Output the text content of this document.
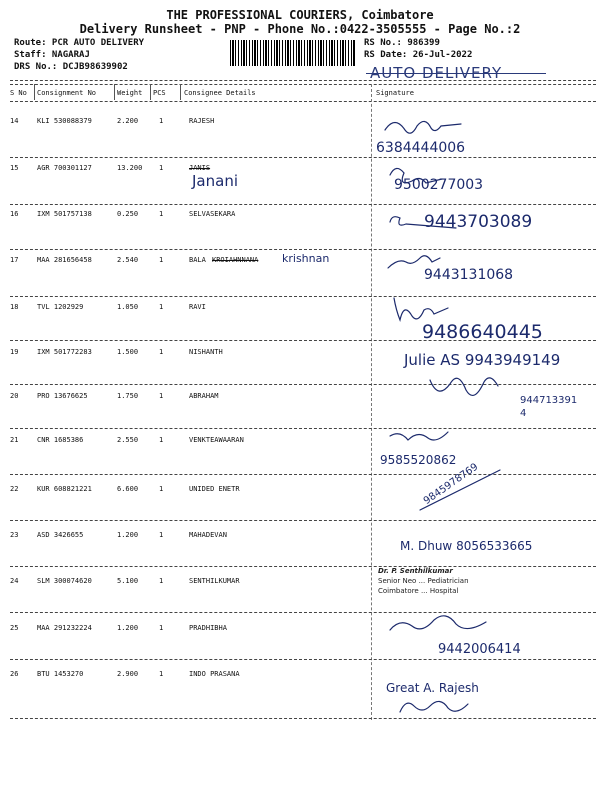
THE PROFESSIONAL COURIERS, Coimbatore
Delivery Runsheet - PNP - Phone No.:0422-3505555 - Page No.:2
Route: PCR AUTO DELIVERY
Staff: NAGARAJ
DRS No.: DCJB98639902
RS No.: 986399
RS Date: 26-Jul-2022
AUTO DELIVERY
S No Consignment No	Weight PCS	Consignee Details	Signature
14	KLI 530088379	2.200	1	RAJESH
6384444006
15	AGR 700301127	13.200 1	JANIS
Janani	9500277003
16	IXM 501757138	0.250	1	SELVASEKARA	9443703089
17	MAA 281656458	2.540	1	BALA KROIAHNNANA krishnan
9443131068
18	TVL 1202929	1.050	1	RAVI
9486640445
19	IXM 501772283	1.500	1	NISHANTH	Julie AS 9943949149
20	PRO 13676625	1.750	1	ABRAHAM	9447133914
21	CNR 1685386	2.550	1	VENKTEAWAARAN
9585520862
22	KUR 608821221	6.600	1	UNIDED ENETR	9845978769
23	ASD 3426655	1.200	1	MAHADEVAN
M. Dhuw 8056533665
24	SLM 300074620	5.100	1	SENTHILKUMAR
Dr. P. Senthilkumar
Senior Neo ... Pediatrician
Coimbatore ... Hospital
25	MAA 291232224	1.200	1	PRADHIBHA
9442006414
26	BTU 1453270	2.900	1	INDO PRASANA
Great A. Rajesh
